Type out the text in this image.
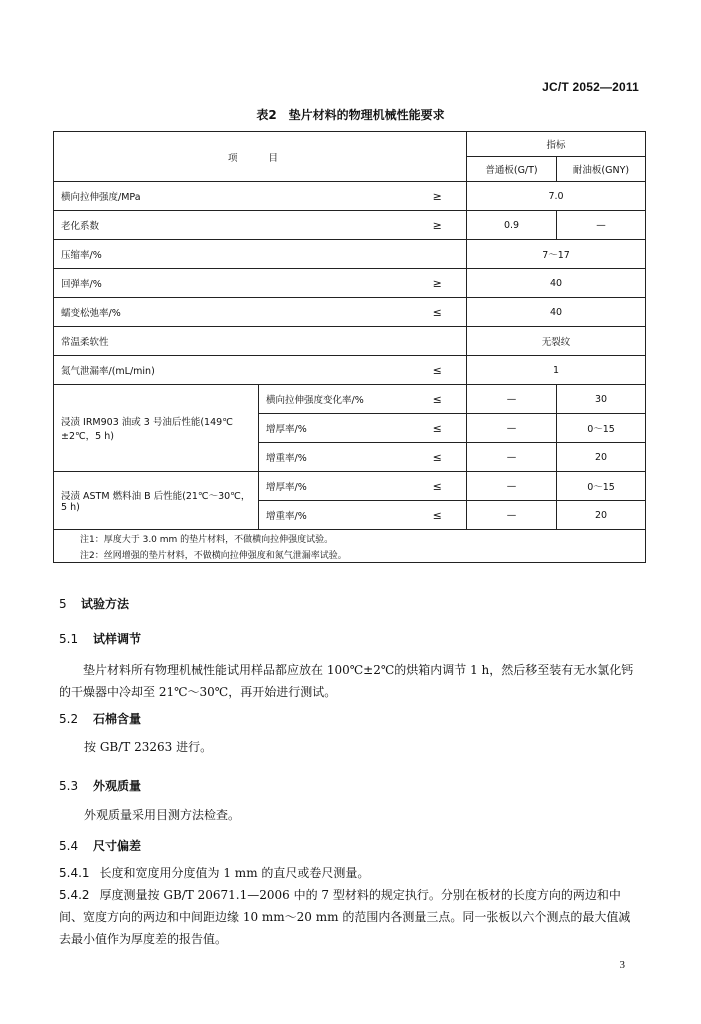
JC/T 2052—2011
表2　垫片材料的物理机械性能要求
项 目			指标	
			普通板(G/T)	耐油板(GNY)
横向拉伸强度/MPa		≥	7.0	
老化系数		≥	0.9	—
压缩率/%			7～17	
回弹率/%		≥	40	
蠕变松弛率/%		≤	40	
常温柔软性			无裂纹	
氮气泄漏率/(mL/min)		≤	1	
浸渍 IRM903 油或 3 号油后性能(149℃±2℃，5 h)	横向拉伸强度变化率/%	≤	—	30
	增厚率/%	≤	—	0～15
	增重率/%	≤	—	20
浸渍 ASTM 燃料油 B 后性能(21℃～30℃，5 h)	增厚率/%	≤	—	0～15
	增重率/%	≤	—	20
注1：厚度大于 3.0 mm 的垫片材料，不做横向拉伸强度试验。				
注2：丝网增强的垫片材料，不做横向拉伸强度和氮气泄漏率试验。				
5 试验方法
5.1 试样调节
垫片材料所有物理机械性能试用样品都应放在 100℃±2℃的烘箱内调节 1 h，然后移至装有无水氯化钙的干燥器中冷却至 21℃～30℃，再开始进行测试。
5.2 石棉含量
按 GB/T 23263 进行。
5.3 外观质量
外观质量采用目测方法检查。
5.4 尺寸偏差
5.4.1 长度和宽度用分度值为 1 mm 的直尺或卷尺测量。
5.4.2 厚度测量按 GB/T 20671.1—2006 中的 7 型材料的规定执行。分别在板材的长度方向的两边和中间、宽度方向的两边和中间距边缘 10 mm～20 mm 的范围内各测量三点。同一张板以六个测点的最大值减去最小值作为厚度差的报告值。
3
